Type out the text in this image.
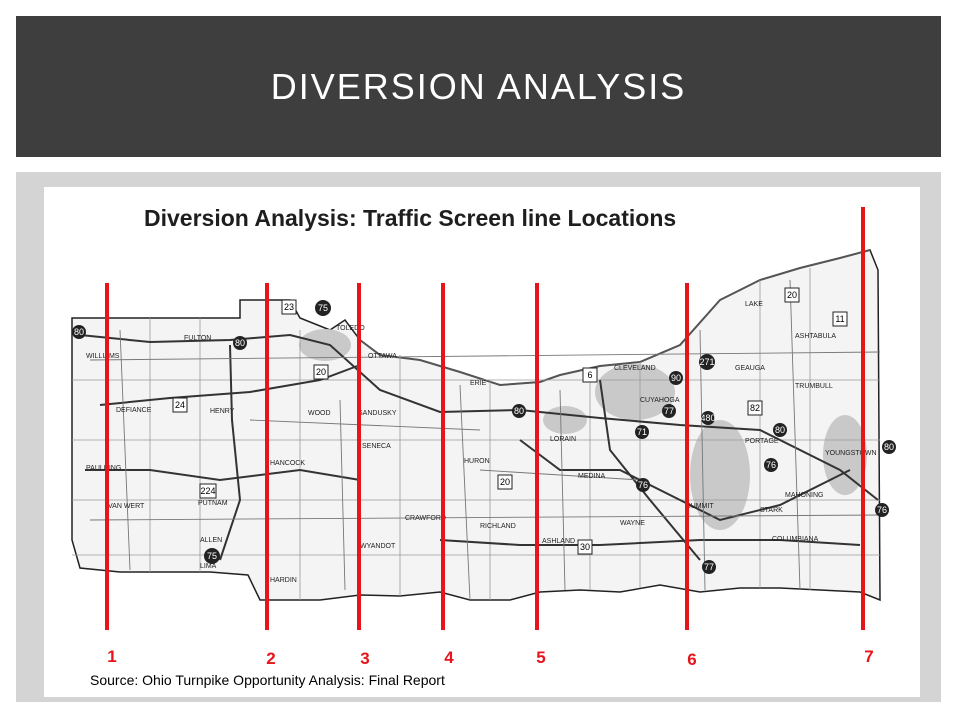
DIVERSION ANALYSIS
80
75
80
80
90
271
480
77
71
76
80
80
76
75
77
76
24
6
224
20
30
20
11
20
23
82
TOLEDO
CLEVELAND
LORAIN
HURON
DEFIANCE	HENRY
PUTNAM
ALLEN
LIMA
HANCOCK
WOOD
FULTON
WILLIAMS
PAULDING
VAN WERT
SANDUSKY
SENECA
OTTAWA
CRAWFORD
RICHLAND
ASHLAND
MEDINA
WAYNE
SUMMIT
PORTAGE
STARK
GEAUGA
ASHTABULA
TRUMBULL
MAHONING
COLUMBIANA
CUYAHOGA
LAKE
YOUNGSTOWN
HARDIN
WYANDOT
ERIE
1	2	3	4	5	6	7
Diversion Analysis: Traffic Screen line Locations
Source: Ohio Turnpike Opportunity Analysis: Final Report
